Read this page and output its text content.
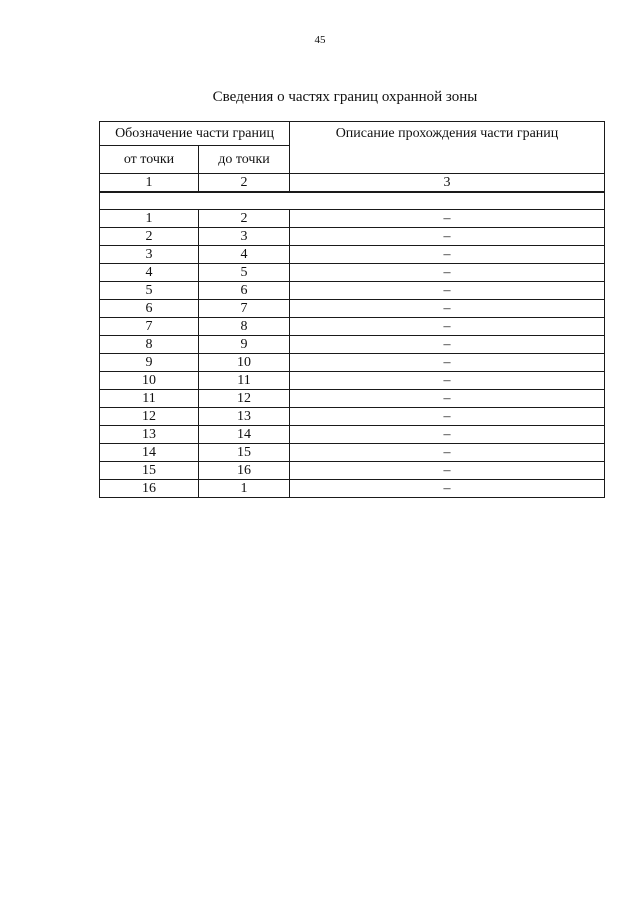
45
Сведения о частях границ охранной зоны
Обозначение части границ		Описание прохождения части границ
от точки	до точки	
1	2	3

1	2	–
2	3	–
3	4	–
4	5	–
5	6	–
6	7	–
7	8	–
8	9	–
9	10	–
10	11	–
11	12	–
12	13	–
13	14	–
14	15	–
15	16	–
16	1	–
